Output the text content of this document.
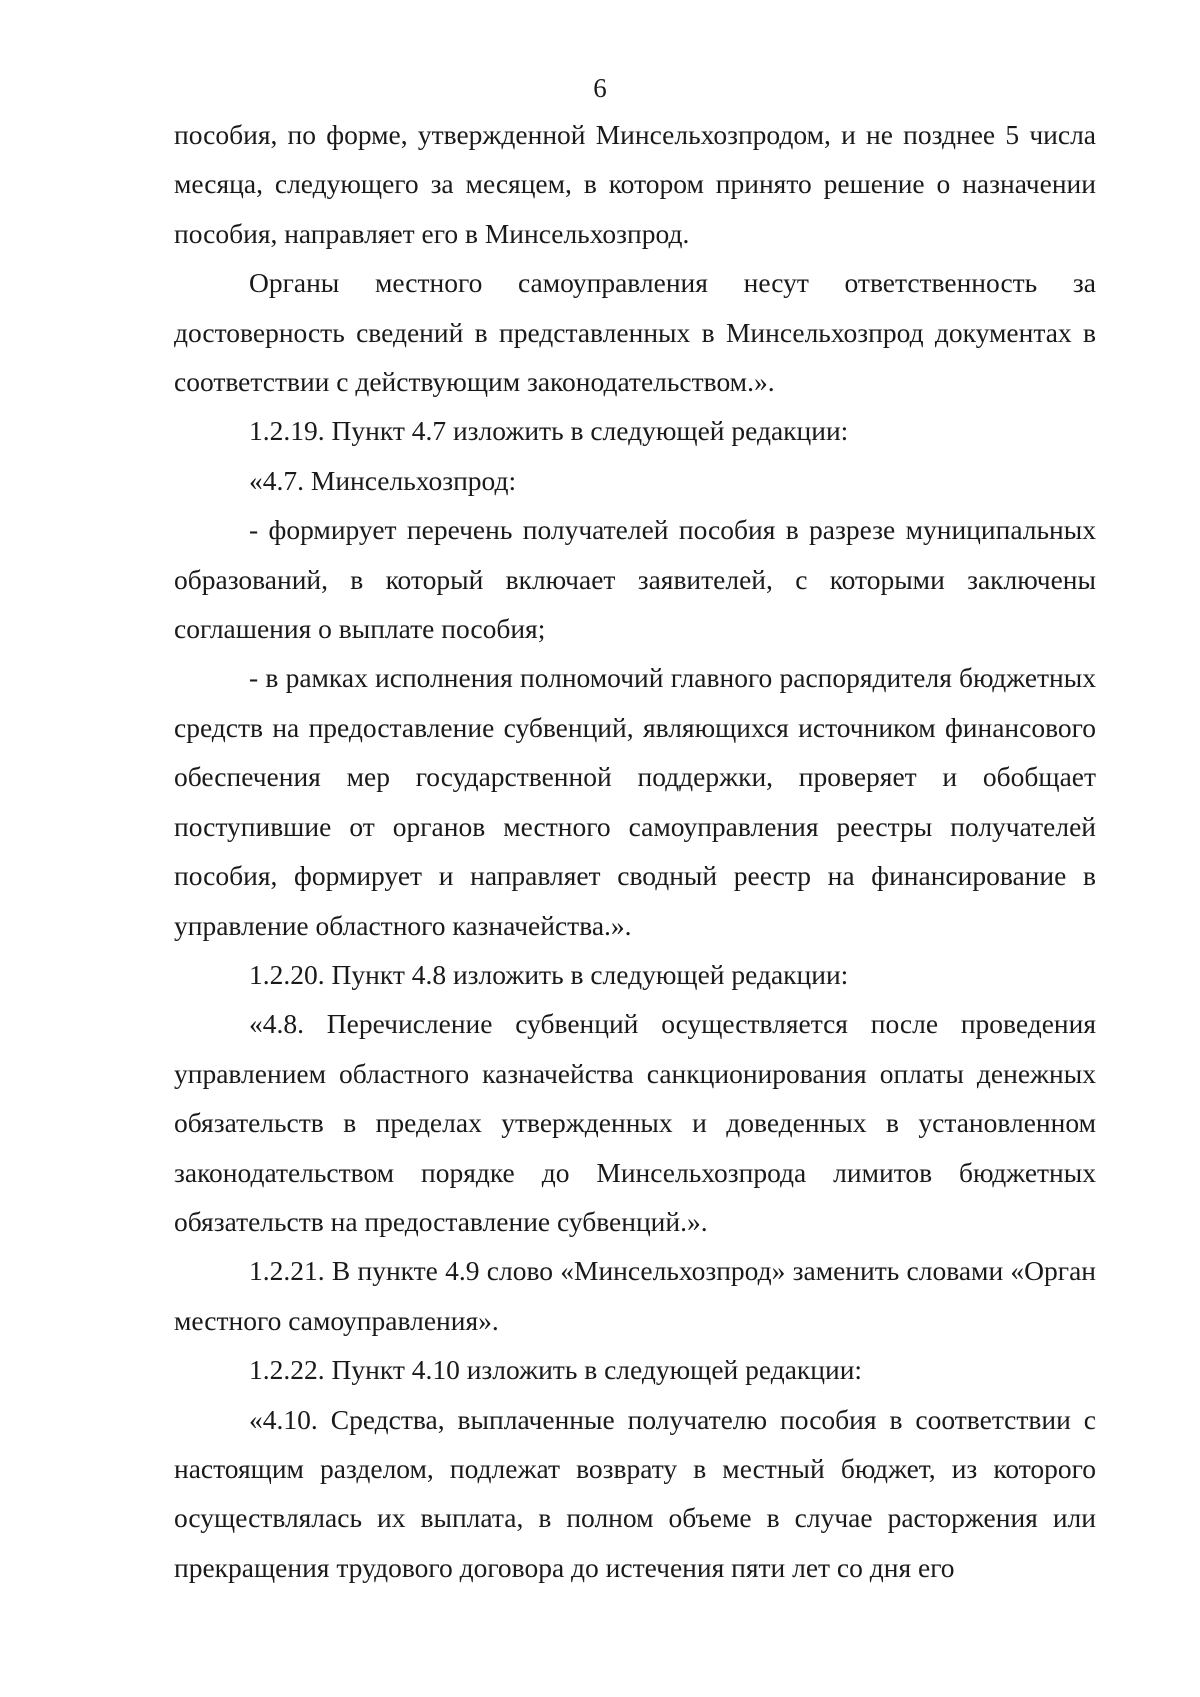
6

пособия, по форме, утвержденной Минсельхозпродом, и не позднее 5 числа месяца, следующего за месяцем, в котором принято решение о назначении пособия, направляет его в Минсельхозпрод.

Органы местного самоуправления несут ответственность за достоверность сведений в представленных в Минсельхозпрод документах в соответствии с действующим законодательством.».

1.2.19. Пункт 4.7 изложить в следующей редакции:

«4.7. Минсельхозпрод:

- формирует перечень получателей пособия в разрезе муниципальных образований, в который включает заявителей, с которыми заключены соглашения о выплате пособия;

- в рамках исполнения полномочий главного распорядителя бюджетных средств на предоставление субвенций, являющихся источником финансового обеспечения мер государственной поддержки, проверяет и обобщает поступившие от органов местного самоуправления реестры получателей пособия, формирует и направляет сводный реестр на финансирование в управление областного казначейства.».

1.2.20. Пункт 4.8 изложить в следующей редакции:

«4.8. Перечисление субвенций осуществляется после проведения управлением областного казначейства санкционирования оплаты денежных обязательств в пределах утвержденных и доведенных в установленном законодательством порядке до Минсельхозпрода лимитов бюджетных обязательств на предоставление субвенций.».

1.2.21. В пункте 4.9 слово «Минсельхозпрод» заменить словами «Орган местного самоуправления».

1.2.22. Пункт 4.10 изложить в следующей редакции:

«4.10. Средства, выплаченные получателю пособия в соответствии с настоящим разделом, подлежат возврату в местный бюджет, из которого осуществлялась их выплата, в полном объеме в случае расторжения или прекращения трудового договора до истечения пяти лет со дня его
